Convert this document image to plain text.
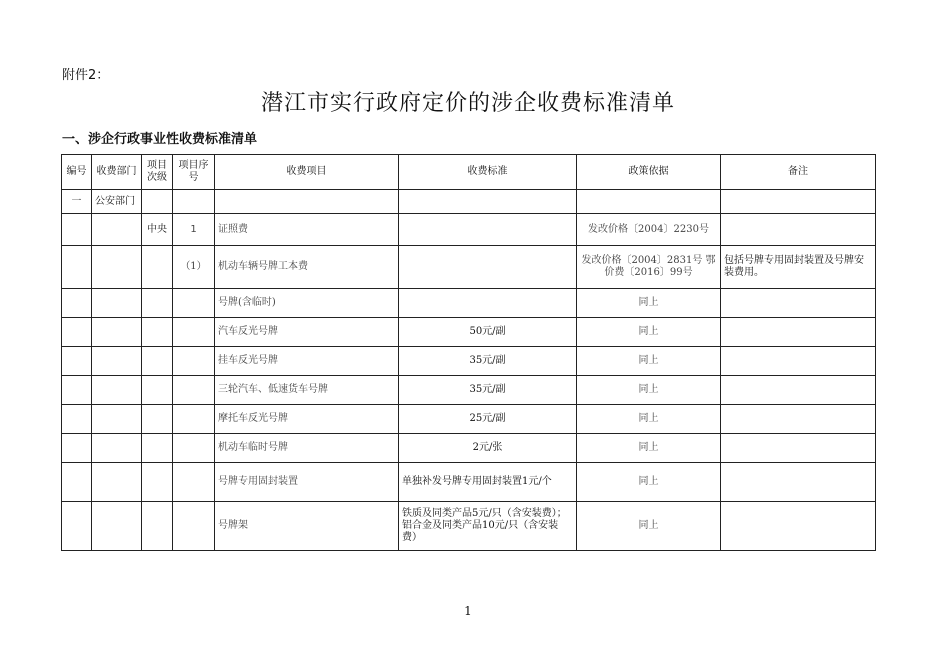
附件2：
潜江市实行政府定价的涉企收费标准清单
一、涉企行政事业性收费标准清单
编号	收费部门	项目次级	项目序号	收费项目	收费标准	政策依据	备注
一	公安部门						
		中央	1	证照费		发改价格〔2004〕2230号	
			（1）	机动车辆号牌工本费		发改价格〔2004〕2831号 鄂价费〔2016〕99号	包括号牌专用固封装置及号牌安装费用。
				号牌(含临时)		同上	
				汽车反光号牌	50元/副	同上	
				挂车反光号牌	35元/副	同上	
				三轮汽车、低速货车号牌	35元/副	同上	
				摩托车反光号牌	25元/副	同上	
				机动车临时号牌	2元/张	同上	
				号牌专用固封装置	单独补发号牌专用固封装置1元/个	同上	
				号牌架	铁质及同类产品5元/只（含安装费）；铝合金及同类产品10元/只（含安装费）	同上	
1
